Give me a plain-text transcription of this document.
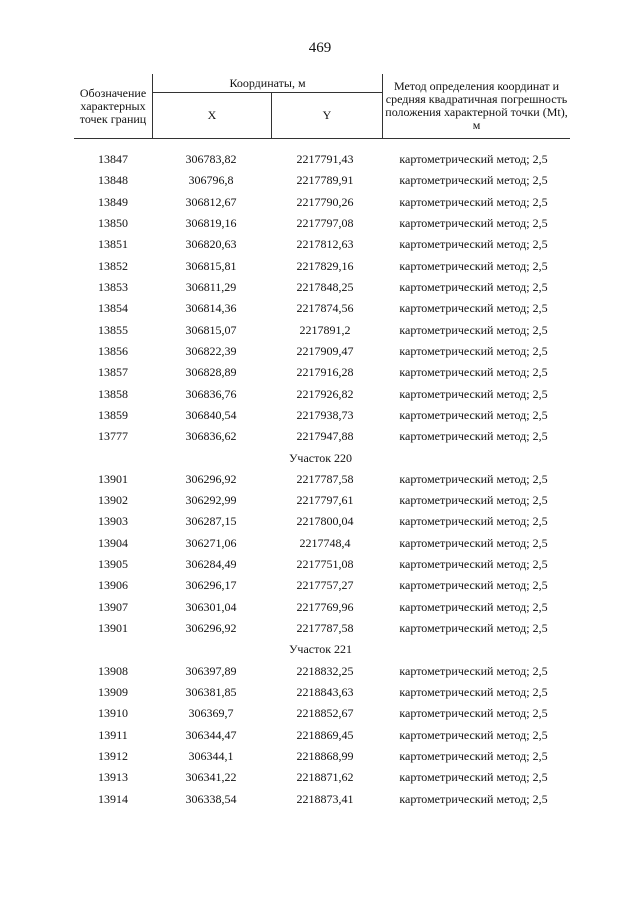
469
Обозначение характерных точек границ	Координаты, м		Метод определения координат и средняя квадратичная погрешность положения характерной точки (Mt), м
	X	Y	
13847	306783,82	2217791,43	картометрический метод; 2,5
13848	306796,8	2217789,91	картометрический метод; 2,5
13849	306812,67	2217790,26	картометрический метод; 2,5
13850	306819,16	2217797,08	картометрический метод; 2,5
13851	306820,63	2217812,63	картометрический метод; 2,5
13852	306815,81	2217829,16	картометрический метод; 2,5
13853	306811,29	2217848,25	картометрический метод; 2,5
13854	306814,36	2217874,56	картометрический метод; 2,5
13855	306815,07	2217891,2	картометрический метод; 2,5
13856	306822,39	2217909,47	картометрический метод; 2,5
13857	306828,89	2217916,28	картометрический метод; 2,5
13858	306836,76	2217926,82	картометрический метод; 2,5
13859	306840,54	2217938,73	картометрический метод; 2,5
13777	306836,62	2217947,88	картометрический метод; 2,5
Участок 220
13901	306296,92	2217787,58	картометрический метод; 2,5
13902	306292,99	2217797,61	картометрический метод; 2,5
13903	306287,15	2217800,04	картометрический метод; 2,5
13904	306271,06	2217748,4	картометрический метод; 2,5
13905	306284,49	2217751,08	картометрический метод; 2,5
13906	306296,17	2217757,27	картометрический метод; 2,5
13907	306301,04	2217769,96	картометрический метод; 2,5
13901	306296,92	2217787,58	картометрический метод; 2,5
Участок 221
13908	306397,89	2218832,25	картометрический метод; 2,5
13909	306381,85	2218843,63	картометрический метод; 2,5
13910	306369,7	2218852,67	картометрический метод; 2,5
13911	306344,47	2218869,45	картометрический метод; 2,5
13912	306344,1	2218868,99	картометрический метод; 2,5
13913	306341,22	2218871,62	картометрический метод; 2,5
13914	306338,54	2218873,41	картометрический метод; 2,5
